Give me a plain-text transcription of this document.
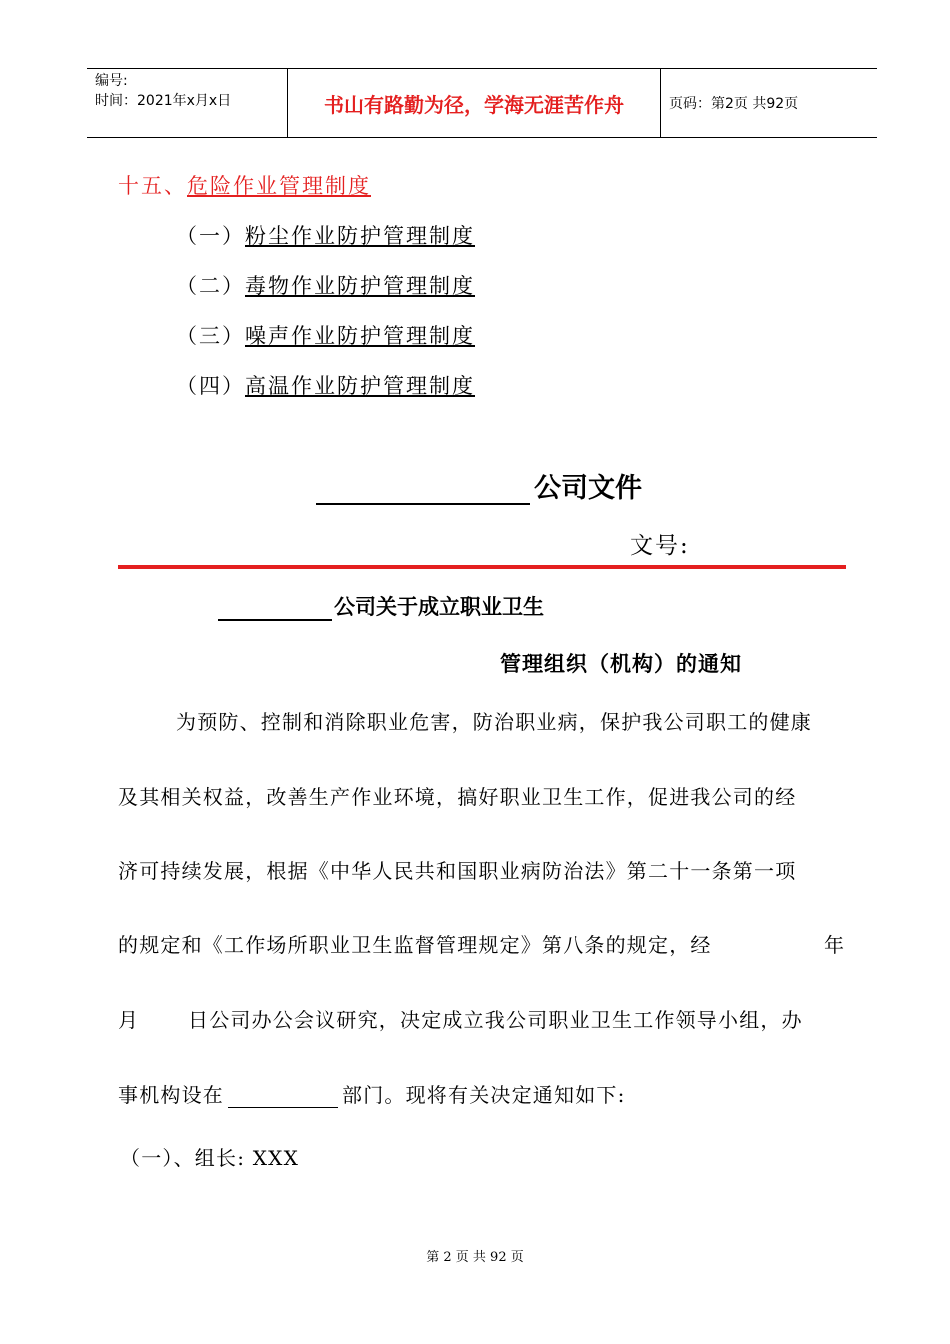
编号:
时间：2021年x月x日	书山有路勤为径，学海无涯苦作舟	页码：第2页 共92页
十五、危险作业管理制度
（一）粉尘作业防护管理制度
（二）毒物作业防护管理制度
（三）噪声作业防护管理制度
（四）高温作业防护管理制度
公司文件
文号:
公司关于成立职业卫生
管理组织（机构）的通知
为预防、控制和消除职业危害，防治职业病，保护我公司职工的健康
及其相关权益，改善生产作业环境，搞好职业卫生工作，促进我公司的经
济可持续发展，根据《中华人民共和国职业病防治法》第二十一条第一项
的规定和《工作场所职业卫生监督管理规定》第八条的规定，经	年
月 日公司办公会议研究，决定成立我公司职业卫生工作领导小组，办
事机构设在	部门。现将有关决定通知如下:
（一）、组长: XXX
第 2 页 共 92 页
